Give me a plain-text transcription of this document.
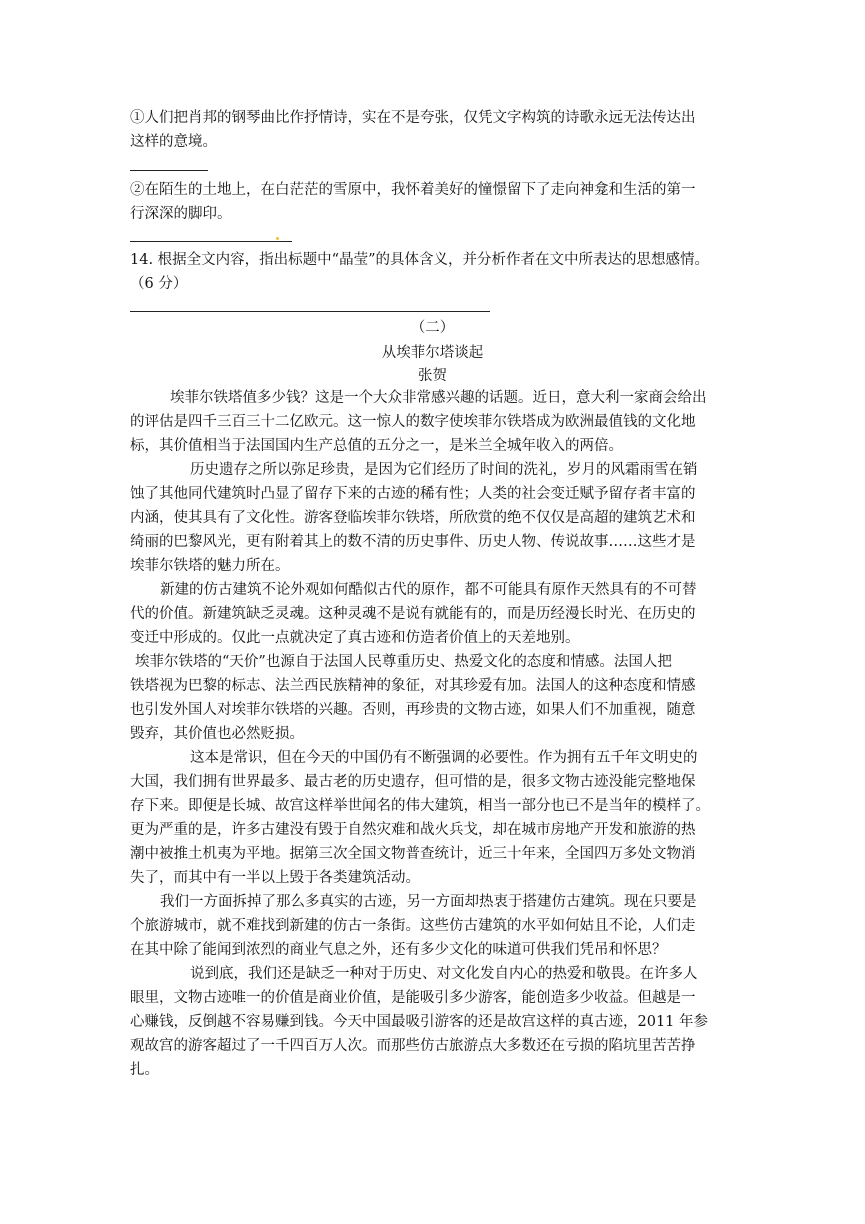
①人们把肖邦的钢琴曲比作抒情诗，实在不是夸张，仅凭文字构筑的诗歌永远无法传达出
这样的意境。
②在陌生的土地上，在白茫茫的雪原中，我怀着美好的憧憬留下了走向神龛和生活的第一
行深深的脚印。
14. 根据全文内容，指出标题中“晶莹”的具体含义，并分析作者在文中所表达的思想感情。
（6 分）
（二）
从埃菲尔塔谈起
张贺
埃菲尔铁塔值多少钱？这是一个大众非常感兴趣的话题。近日，意大利一家商会给出
的评估是四千三百三十二亿欧元。这一惊人的数字使埃菲尔铁塔成为欧洲最值钱的文化地
标，其价值相当于法国国内生产总值的五分之一，是米兰全城年收入的两倍。
历史遗存之所以弥足珍贵，是因为它们经历了时间的洗礼，岁月的风霜雨雪在销
蚀了其他同代建筑时凸显了留存下来的古迹的稀有性；人类的社会变迁赋予留存者丰富的
内涵，使其具有了文化性。游客登临埃菲尔铁塔，所欣赏的绝不仅仅是高超的建筑艺术和
绮丽的巴黎风光，更有附着其上的数不清的历史事件、历史人物、传说故事……这些才是
埃菲尔铁塔的魅力所在。
新建的仿古建筑不论外观如何酷似古代的原作，都不可能具有原作天然具有的不可替
代的价值。新建筑缺乏灵魂。这种灵魂不是说有就能有的，而是历经漫长时光、在历史的
变迁中形成的。仅此一点就决定了真古迹和仿造者价值上的天差地别。
埃菲尔铁塔的“天价”也源自于法国人民尊重历史、热爱文化的态度和情感。法国人把
铁塔视为巴黎的标志、法兰西民族精神的象征，对其珍爱有加。法国人的这种态度和情感
也引发外国人对埃菲尔铁塔的兴趣。否则，再珍贵的文物古迹，如果人们不加重视，随意
毁弃，其价值也必然贬损。
这本是常识，但在今天的中国仍有不断强调的必要性。作为拥有五千年文明史的
大国，我们拥有世界最多、最古老的历史遗存，但可惜的是，很多文物古迹没能完整地保
存下来。即便是长城、故宫这样举世闻名的伟大建筑，相当一部分也已不是当年的模样了。
更为严重的是，许多古建没有毁于自然灾难和战火兵戈，却在城市房地产开发和旅游的热
潮中被推土机夷为平地。据第三次全国文物普查统计，近三十年来，全国四万多处文物消
失了，而其中有一半以上毁于各类建筑活动。
我们一方面拆掉了那么多真实的古迹，另一方面却热衷于搭建仿古建筑。现在只要是
个旅游城市，就不难找到新建的仿古一条街。这些仿古建筑的水平如何姑且不论，人们走
在其中除了能闻到浓烈的商业气息之外，还有多少文化的味道可供我们凭吊和怀思？
说到底，我们还是缺乏一种对于历史、对文化发自内心的热爱和敬畏。在许多人
眼里，文物古迹唯一的价值是商业价值，是能吸引多少游客，能创造多少收益。但越是一
心赚钱，反倒越不容易赚到钱。今天中国最吸引游客的还是故宫这样的真古迹，2011 年参
观故宫的游客超过了一千四百万人次。而那些仿古旅游点大多数还在亏损的陷坑里苦苦挣
扎。
